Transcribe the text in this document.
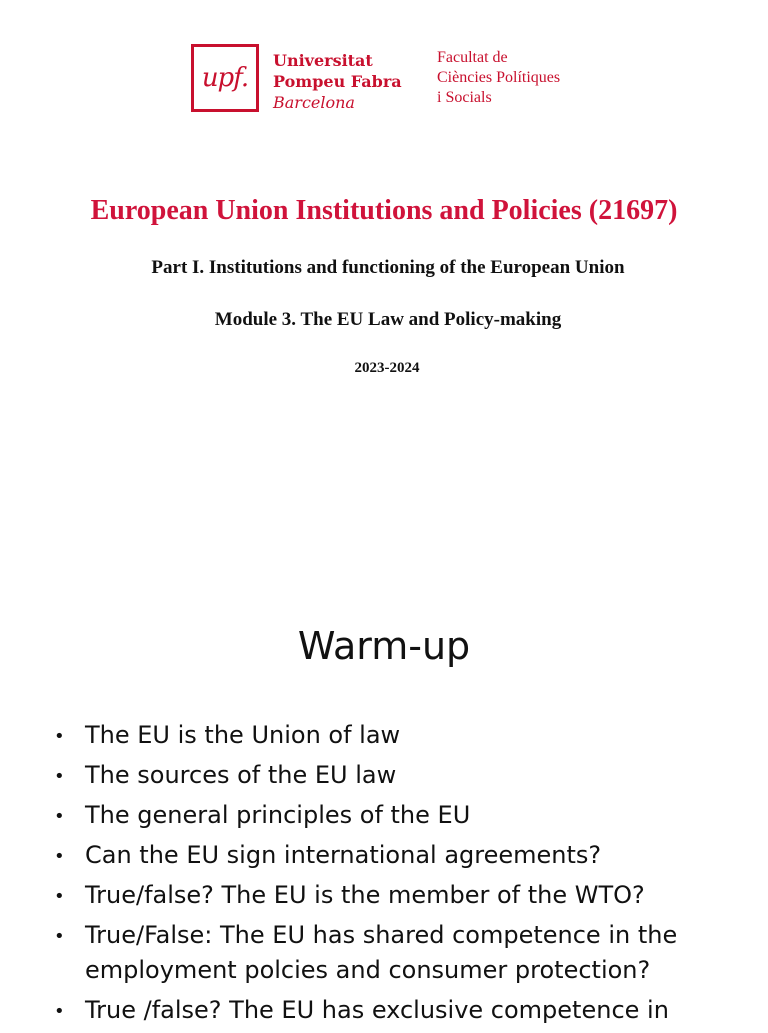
upf.
Universitat
Pompeu Fabra
Barcelona
Facultat de
Ciències Polítiques
i Socials
European Union Institutions and Policies (21697)
Part I. Institutions and functioning of the European Union
Module 3. The EU Law and Policy-making
2023-2024
Warm-up
• The EU is the Union of law
• The sources of the EU law
• The general principles of the EU
• Can the EU sign international agreements?
• True/false? The EU is the member of the WTO?
• True/False: The EU has shared competence in the employment polcies and consumer protection?
• True /false? The EU has exclusive competence in
